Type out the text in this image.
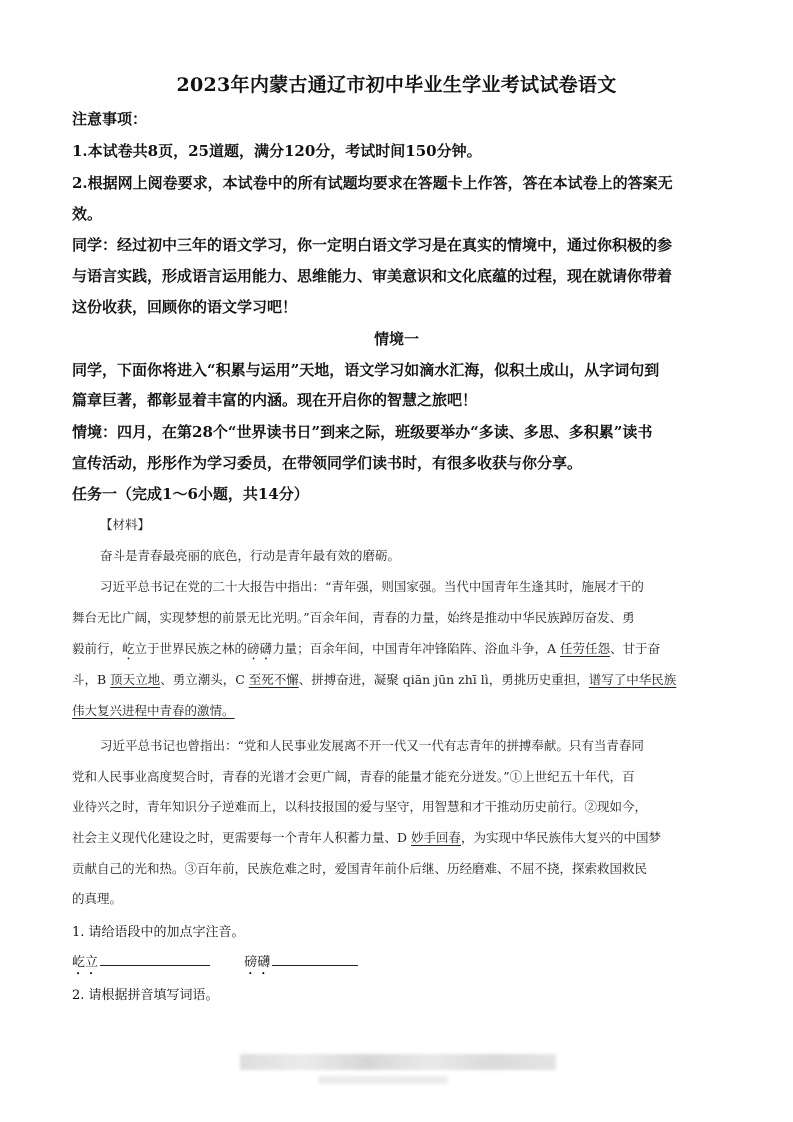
2023年内蒙古通辽市初中毕业生学业考试试卷语文
注意事项：
1.本试卷共8页，25道题，满分120分，考试时间150分钟。
2.根据网上阅卷要求，本试卷中的所有试题均要求在答题卡上作答，答在本试卷上的答案无
效。
同学：经过初中三年的语文学习，你一定明白语文学习是在真实的情境中，通过你积极的参
与语言实践，形成语言运用能力、思维能力、审美意识和文化底蕴的过程，现在就请你带着
这份收获，回顾你的语文学习吧！
情境一
同学，下面你将进入“积累与运用”天地，语文学习如滴水汇海，似积土成山，从字词句到
篇章巨著，都彰显着丰富的内涵。现在开启你的智慧之旅吧！
情境：四月，在第28个“世界读书日”到来之际，班级要举办“多读、多思、多积累”读书
宣传活动，彤彤作为学习委员，在带领同学们读书时，有很多收获与你分享。
任务一（完成1～6小题，共14分）
【材料】
奋斗是青春最亮丽的底色，行动是青年最有效的磨砺。
习近平总书记在党的二十大报告中指出：“青年强，则国家强。当代中国青年生逢其时，施展才干的
舞台无比广阔，实现梦想的前景无比光明。”百余年间，青春的力量，始终是推动中华民族踔厉奋发、勇
毅前行，屹立于世界民族之林的磅礴力量；百余年间，中国青年冲锋陷阵、浴血斗争，A 任劳任怨、甘于奋
斗，B 顶天立地、勇立潮头，C 至死不懈、拼搏奋进，凝聚 qiān jūn zhī lì，勇挑历史重担，谱写了中华民族
伟大复兴进程中青春的激情。
习近平总书记也曾指出：“党和人民事业发展离不开一代又一代有志青年的拼搏奉献。只有当青春同
党和人民事业高度契合时，青春的光谱才会更广阔，青春的能量才能充分迸发。”①上世纪五十年代，百
业待兴之时，青年知识分子逆难而上，以科技报国的爱与坚守，用智慧和才干推动历史前行。②现如今，
社会主义现代化建设之时，更需要每一个青年人积蓄力量、D 妙手回春，为实现中华民族伟大复兴的中国梦
贡献自己的光和热。③百年前，民族危难之时，爱国青年前仆后继、历经磨难、不屈不挠，探索救国救民
的真理。
1. 请给语段中的加点字注音。
屹立	磅礴
2. 请根据拼音填写词语。
